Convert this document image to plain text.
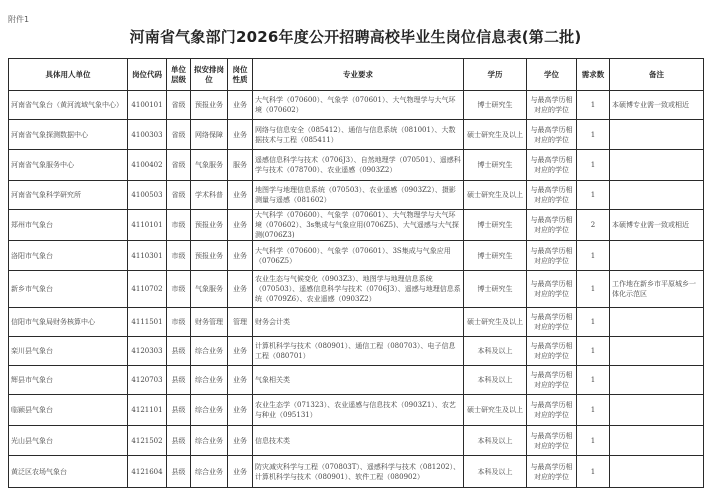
附件1
河南省气象部门2026年度公开招聘高校毕业生岗位信息表(第二批)
具体用人单位	岗位代码	单位层级	拟安排岗位	岗位性质	专业要求	学历	学位	需求数	备注
河南省气象台（黄河流域气象中心）	4100101	省级	预报业务	业务	大气科学（070600）、气象学（070601）、大气物理学与大气环境（070602）	博士研究生	与最高学历相对应的学位	1	本硕博专业需一致或相近
河南省气象探测数据中心	4100303	省级	网络保障	业务	网络与信息安全（085412）、通信与信息系统（081001）、大数据技术与工程（085411）	硕士研究生及以上	与最高学历相对应的学位	1	
河南省气象服务中心	4100402	省级	气象服务	服务	遥感信息科学与技术（0706J3）、自然地理学（070501）、遥感科学与技术（078700）、农业遥感（0903Z2）	博士研究生	与最高学历相对应的学位	1	
河南省气象科学研究所	4100503	省级	学术科普	业务	地图学与地理信息系统（070503）、农业遥感（0903Z2）、摄影测量与遥感（081602）	硕士研究生及以上	与最高学历相对应的学位	1	
郑州市气象台	4110101	市级	预报业务	业务	大气科学（070600）、气象学（070601）、大气物理学与大气环境（070602）、3s集成与气象应用(0706Z5)、大气遥感与大气探测(0706Z3)	博士研究生	与最高学历相对应的学位	2	本硕博专业需一致或相近
洛阳市气象台	4110301	市级	预报业务	业务	大气科学（070600）、气象学（070601）、3S集成与气象应用（0706Z5）	博士研究生	与最高学历相对应的学位	1	
新乡市气象台	4110702	市级	气象服务	业务	农业生态与气候变化（0903Z3）、地图学与地理信息系统（070503）、遥感信息科学与技术（0706J3）、遥感与地理信息系统（0709Z6）、农业遥感（0903Z2）	博士研究生	与最高学历相对应的学位	1	工作地在新乡市平原城乡一体化示范区
信阳市气象局财务核算中心	4111501	市级	财务管理	管理	财务会计类	硕士研究生及以上	与最高学历相对应的学位	1	
栾川县气象台	4120303	县级	综合业务	业务	计算机科学与技术（080901）、通信工程（080703）、电子信息工程（080701）	本科及以上	与最高学历相对应的学位	1	
辉县市气象台	4120703	县级	综合业务	业务	气象相关类	本科及以上	与最高学历相对应的学位	1	
临颍县气象台	4121101	县级	综合业务	业务	农业生态学（071323）、农业遥感与信息技术（0903Z1）、农艺与种业（095131）	硕士研究生及以上	与最高学历相对应的学位	1	
光山县气象台	4121502	县级	综合业务	业务	信息技术类	本科及以上	与最高学历相对应的学位	1	
黄泛区农场气象台	4121604	县级	综合业务	业务	防灾减灾科学与工程（070803T）、遥感科学与技术（081202）、计算机科学与技术（080901）、软件工程（080902）	本科及以上	与最高学历相对应的学位	1	
